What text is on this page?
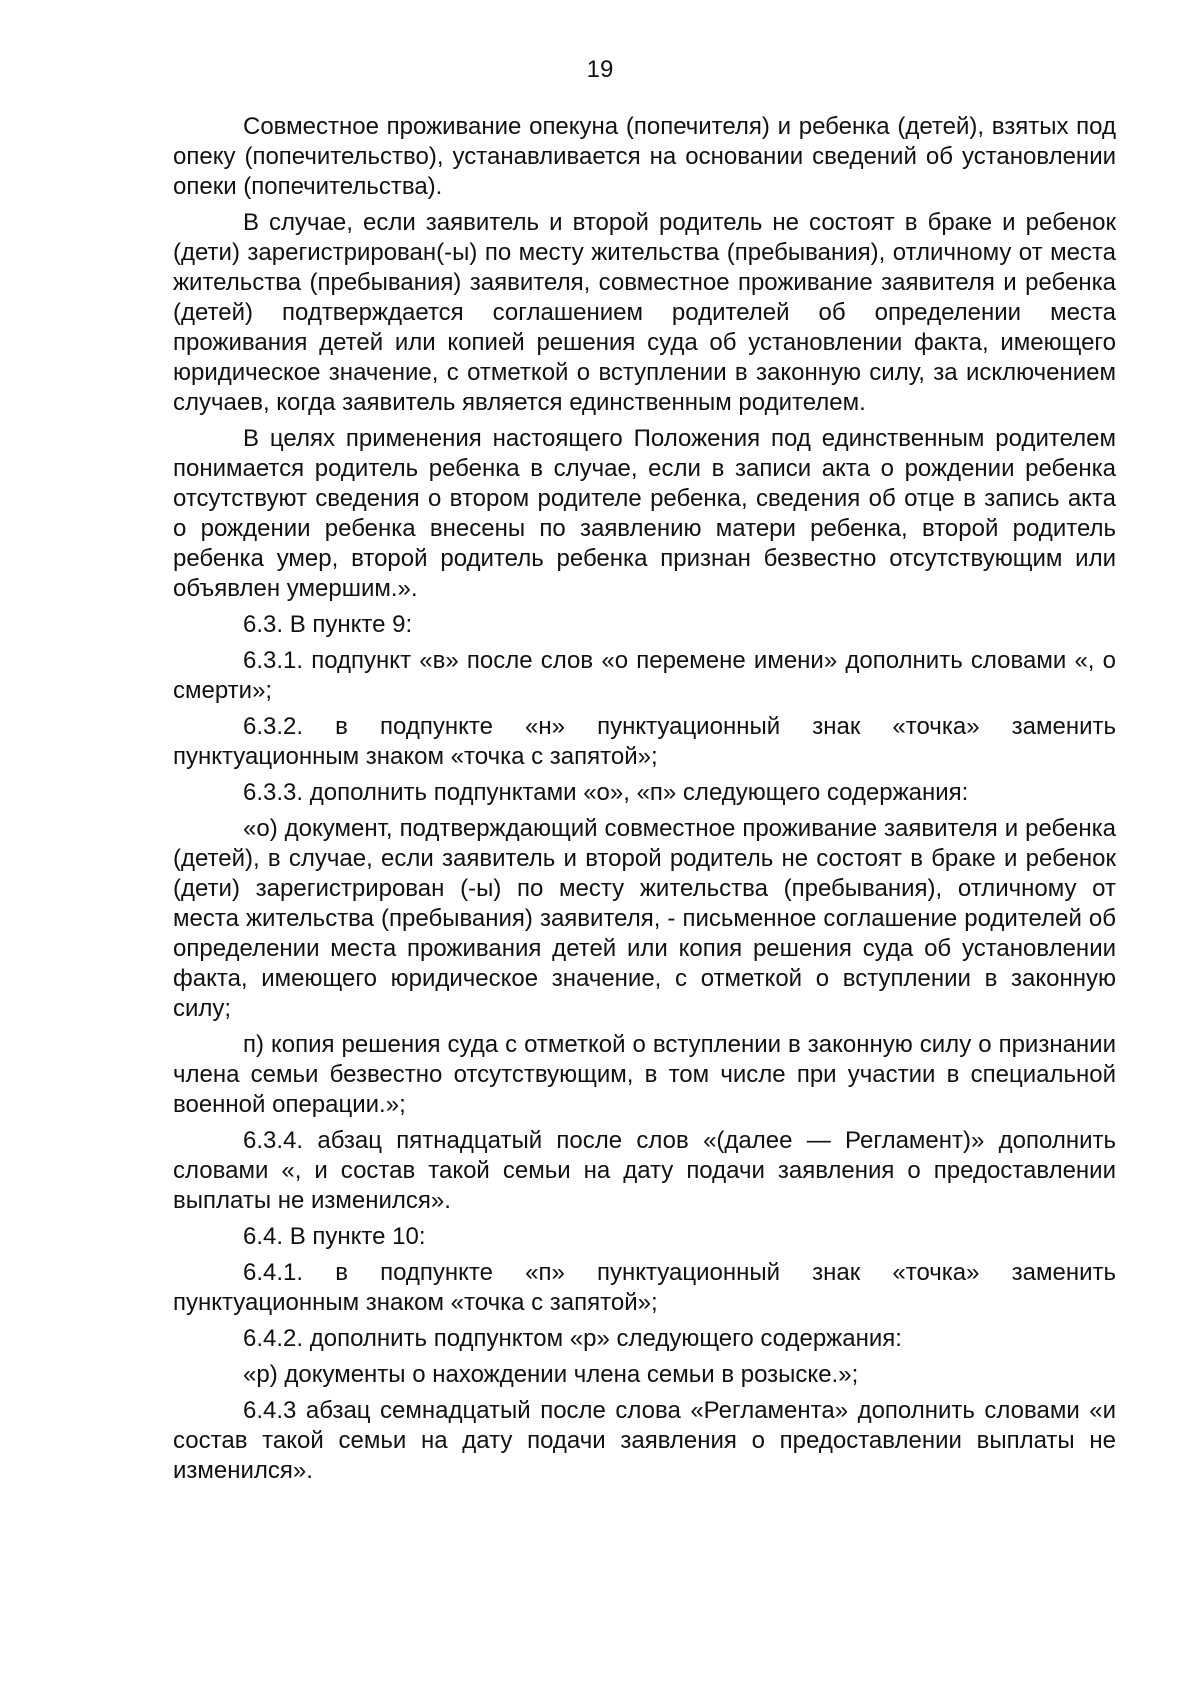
19

Совместное проживание опекуна (попечителя) и ребенка (детей), взятых под опеку (попечительство), устанавливается на основании сведений об установлении опеки (попечительства).

В случае, если заявитель и второй родитель не состоят в браке и ребенок (дети) зарегистрирован(-ы) по месту жительства (пребывания), отличному от места жительства (пребывания) заявителя, совместное проживание заявителя и ребенка (детей) подтверждается соглашением родителей об определении места проживания детей или копией решения суда об установлении факта, имеющего юридическое значение, с отметкой о вступлении в законную силу, за исключением случаев, когда заявитель является единственным родителем.

В целях применения настоящего Положения под единственным родителем понимается родитель ребенка в случае, если в записи акта о рождении ребенка отсутствуют сведения о втором родителе ребенка, сведения об отце в запись акта о рождении ребенка внесены по заявлению матери ребенка, второй родитель ребенка умер, второй родитель ребенка признан безвестно отсутствующим или объявлен умершим.».

6.3. В пункте 9:

6.3.1. подпункт «в» после слов «о перемене имени» дополнить словами «, о смерти»;

6.3.2. в подпункте «н» пунктуационный знак «точка» заменить пунктуационным знаком «точка с запятой»;

6.3.3. дополнить подпунктами «о», «п» следующего содержания:

«о) документ, подтверждающий совместное проживание заявителя и ребенка (детей), в случае, если заявитель и второй родитель не состоят в браке и ребенок (дети) зарегистрирован (-ы) по месту жительства (пребывания), отличному от места жительства (пребывания) заявителя, - письменное соглашение родителей об определении места проживания детей или копия решения суда об установлении факта, имеющего юридическое значение, с отметкой о вступлении в законную силу;

п) копия решения суда с отметкой о вступлении в законную силу о признании члена семьи безвестно отсутствующим, в том числе при участии в специальной военной операции.»;

6.3.4. абзац пятнадцатый после слов «(далее — Регламент)» дополнить словами «, и состав такой семьи на дату подачи заявления о предоставлении выплаты не изменился».

6.4. В пункте 10:

6.4.1. в подпункте «п» пунктуационный знак «точка» заменить пунктуационным знаком «точка с запятой»;

6.4.2. дополнить подпунктом «р» следующего содержания:

«р) документы о нахождении члена семьи в розыске.»;

6.4.3 абзац семнадцатый после слова «Регламента» дополнить словами «и состав такой семьи на дату подачи заявления о предоставлении выплаты не изменился».
